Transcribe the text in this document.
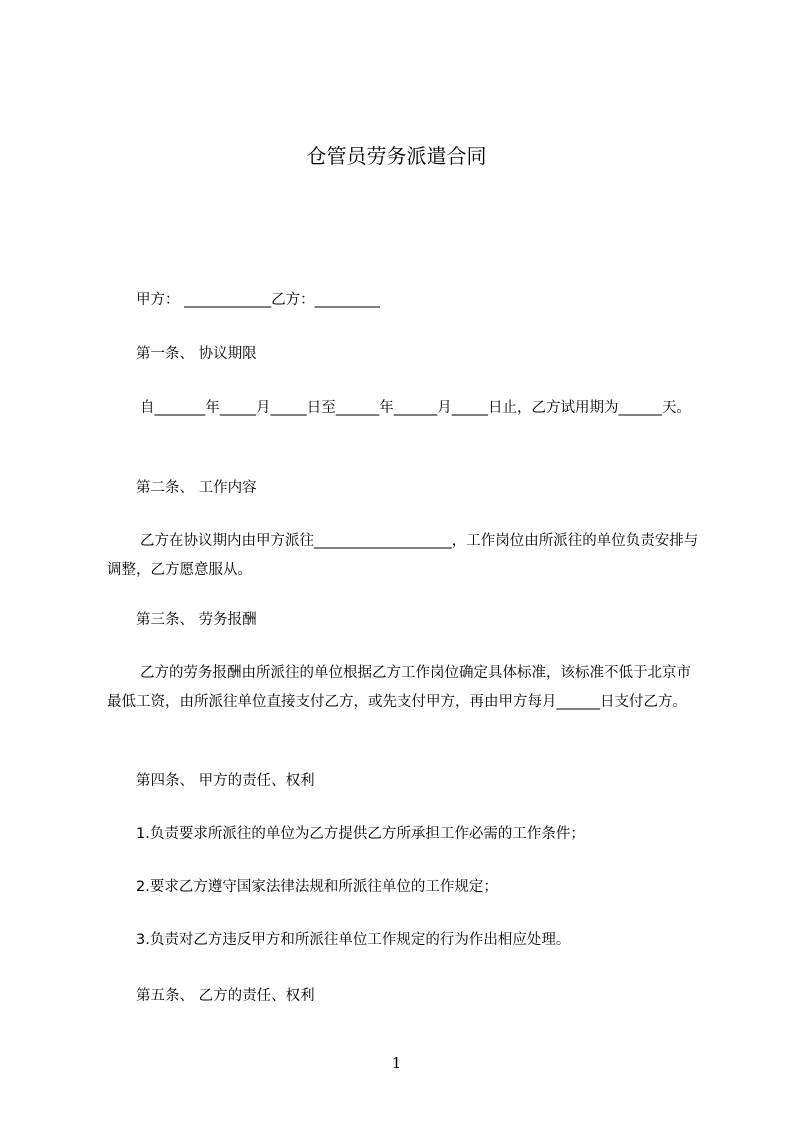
仓管员劳务派遣合同
甲方： ____________乙方：_________
第一条、 协议期限
自_______年_____月_____日至______年______月_____日止，乙方试用期为______天。
第二条、 工作内容
乙方在协议期内由甲方派往___________________，工作岗位由所派往的单位负责安排与调整，乙方愿意服从。
第三条、 劳务报酬
乙方的劳务报酬由所派往的单位根据乙方工作岗位确定具体标准，该标准不低于北京市最低工资，由所派往单位直接支付乙方，或先支付甲方，再由甲方每月______日支付乙方。
第四条、 甲方的责任、权利
1.负责要求所派往的单位为乙方提供乙方所承担工作必需的工作条件；
2.要求乙方遵守国家法律法规和所派往单位的工作规定；
3.负责对乙方违反甲方和所派往单位工作规定的行为作出相应处理。
第五条、 乙方的责任、权利
1
